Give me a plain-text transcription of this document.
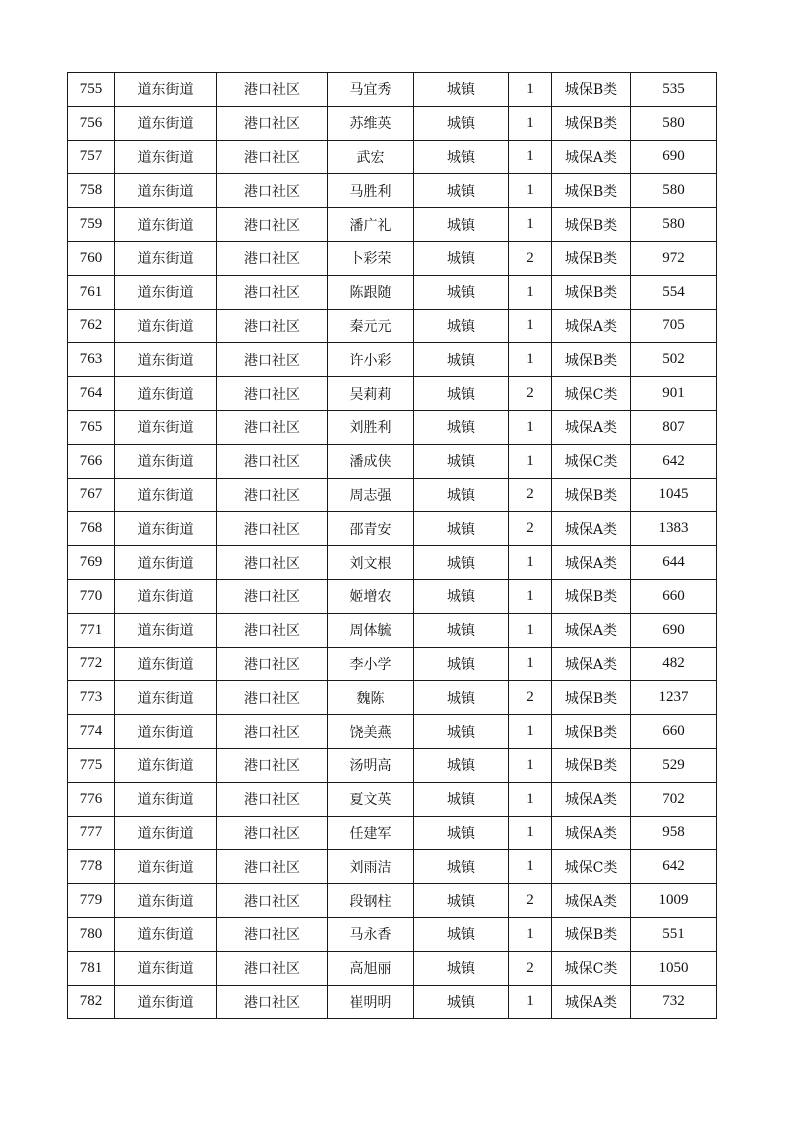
755	道东街道	港口社区	马宜秀	城镇	1	城保B类	535
756	道东街道	港口社区	苏维英	城镇	1	城保B类	580
757	道东街道	港口社区	武宏	城镇	1	城保A类	690
758	道东街道	港口社区	马胜利	城镇	1	城保B类	580
759	道东街道	港口社区	潘广礼	城镇	1	城保B类	580
760	道东街道	港口社区	卜彩荣	城镇	2	城保B类	972
761	道东街道	港口社区	陈跟随	城镇	1	城保B类	554
762	道东街道	港口社区	秦元元	城镇	1	城保A类	705
763	道东街道	港口社区	许小彩	城镇	1	城保B类	502
764	道东街道	港口社区	吴莉莉	城镇	2	城保C类	901
765	道东街道	港口社区	刘胜利	城镇	1	城保A类	807
766	道东街道	港口社区	潘成侠	城镇	1	城保C类	642
767	道东街道	港口社区	周志强	城镇	2	城保B类	1045
768	道东街道	港口社区	邵青安	城镇	2	城保A类	1383
769	道东街道	港口社区	刘文根	城镇	1	城保A类	644
770	道东街道	港口社区	姬增农	城镇	1	城保B类	660
771	道东街道	港口社区	周体毓	城镇	1	城保A类	690
772	道东街道	港口社区	李小学	城镇	1	城保A类	482
773	道东街道	港口社区	魏陈	城镇	2	城保B类	1237
774	道东街道	港口社区	饶美燕	城镇	1	城保B类	660
775	道东街道	港口社区	汤明高	城镇	1	城保B类	529
776	道东街道	港口社区	夏文英	城镇	1	城保A类	702
777	道东街道	港口社区	任建军	城镇	1	城保A类	958
778	道东街道	港口社区	刘雨洁	城镇	1	城保C类	642
779	道东街道	港口社区	段钢柱	城镇	2	城保A类	1009
780	道东街道	港口社区	马永香	城镇	1	城保B类	551
781	道东街道	港口社区	高旭丽	城镇	2	城保C类	1050
782	道东街道	港口社区	崔明明	城镇	1	城保A类	732
